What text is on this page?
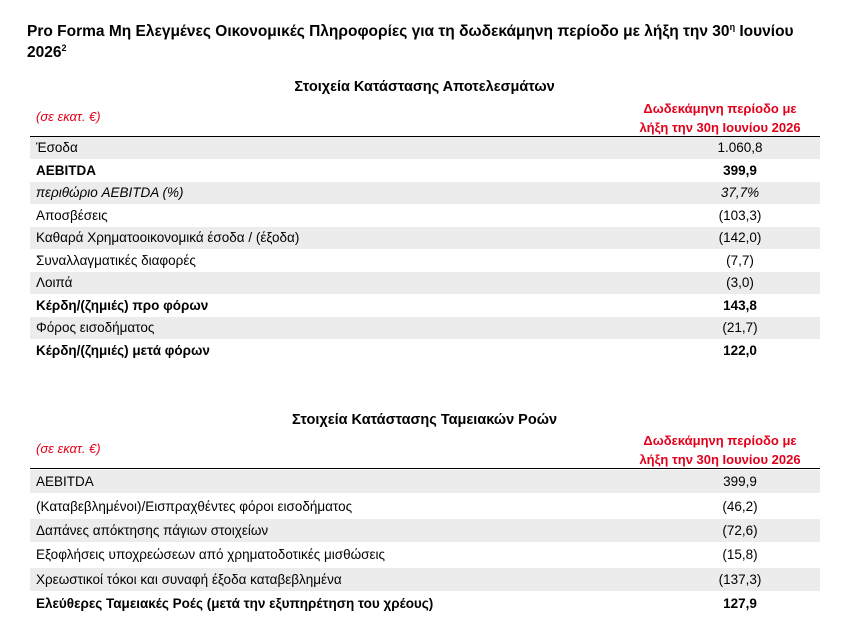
Pro Forma Μη Ελεγμένες Οικονομικές Πληροφορίες για τη δωδεκάμηνη περίοδο με λήξη την $30^\eta$ Ιουνίου
2026$^2$
Στοιχεία Κατάστασης Αποτελεσμάτων
(σε εκατ. €)
Δωδεκάμηνη περίοδο με
λήξη την 30η Ιουνίου 2026
Έσοδα	1.060,8
AEBITDA	399,9
περιθώριο AEBITDA (%)	37,7%
Αποσβέσεις	(103,3)
Καθαρά Χρηματοοικονομικά έσοδα / (έξοδα)	(142,0)
Συναλλαγματικές διαφορές	(7,7)
Λοιπά	(3,0)
Κέρδη/(ζημιές) προ φόρων	143,8
Φόρος εισοδήματος	(21,7)
Κέρδη/(ζημιές) μετά φόρων	122,0
Στοιχεία Κατάστασης Ταμειακών Ροών
(σε εκατ. €)
Δωδεκάμηνη περίοδο με
λήξη την 30η Ιουνίου 2026
AEBITDA	399,9
(Καταβεβλημένοι)/Εισπραχθέντες φόροι εισοδήματος	(46,2)
Δαπάνες απόκτησης πάγιων στοιχείων	(72,6)
Εξοφλήσεις υποχρεώσεων από χρηματοδοτικές μισθώσεις	(15,8)
Χρεωστικοί τόκοι και συναφή έξοδα καταβεβλημένα	(137,3)
Ελεύθερες Ταμειακές Ροές (μετά την εξυπηρέτηση του χρέους)	127,9
